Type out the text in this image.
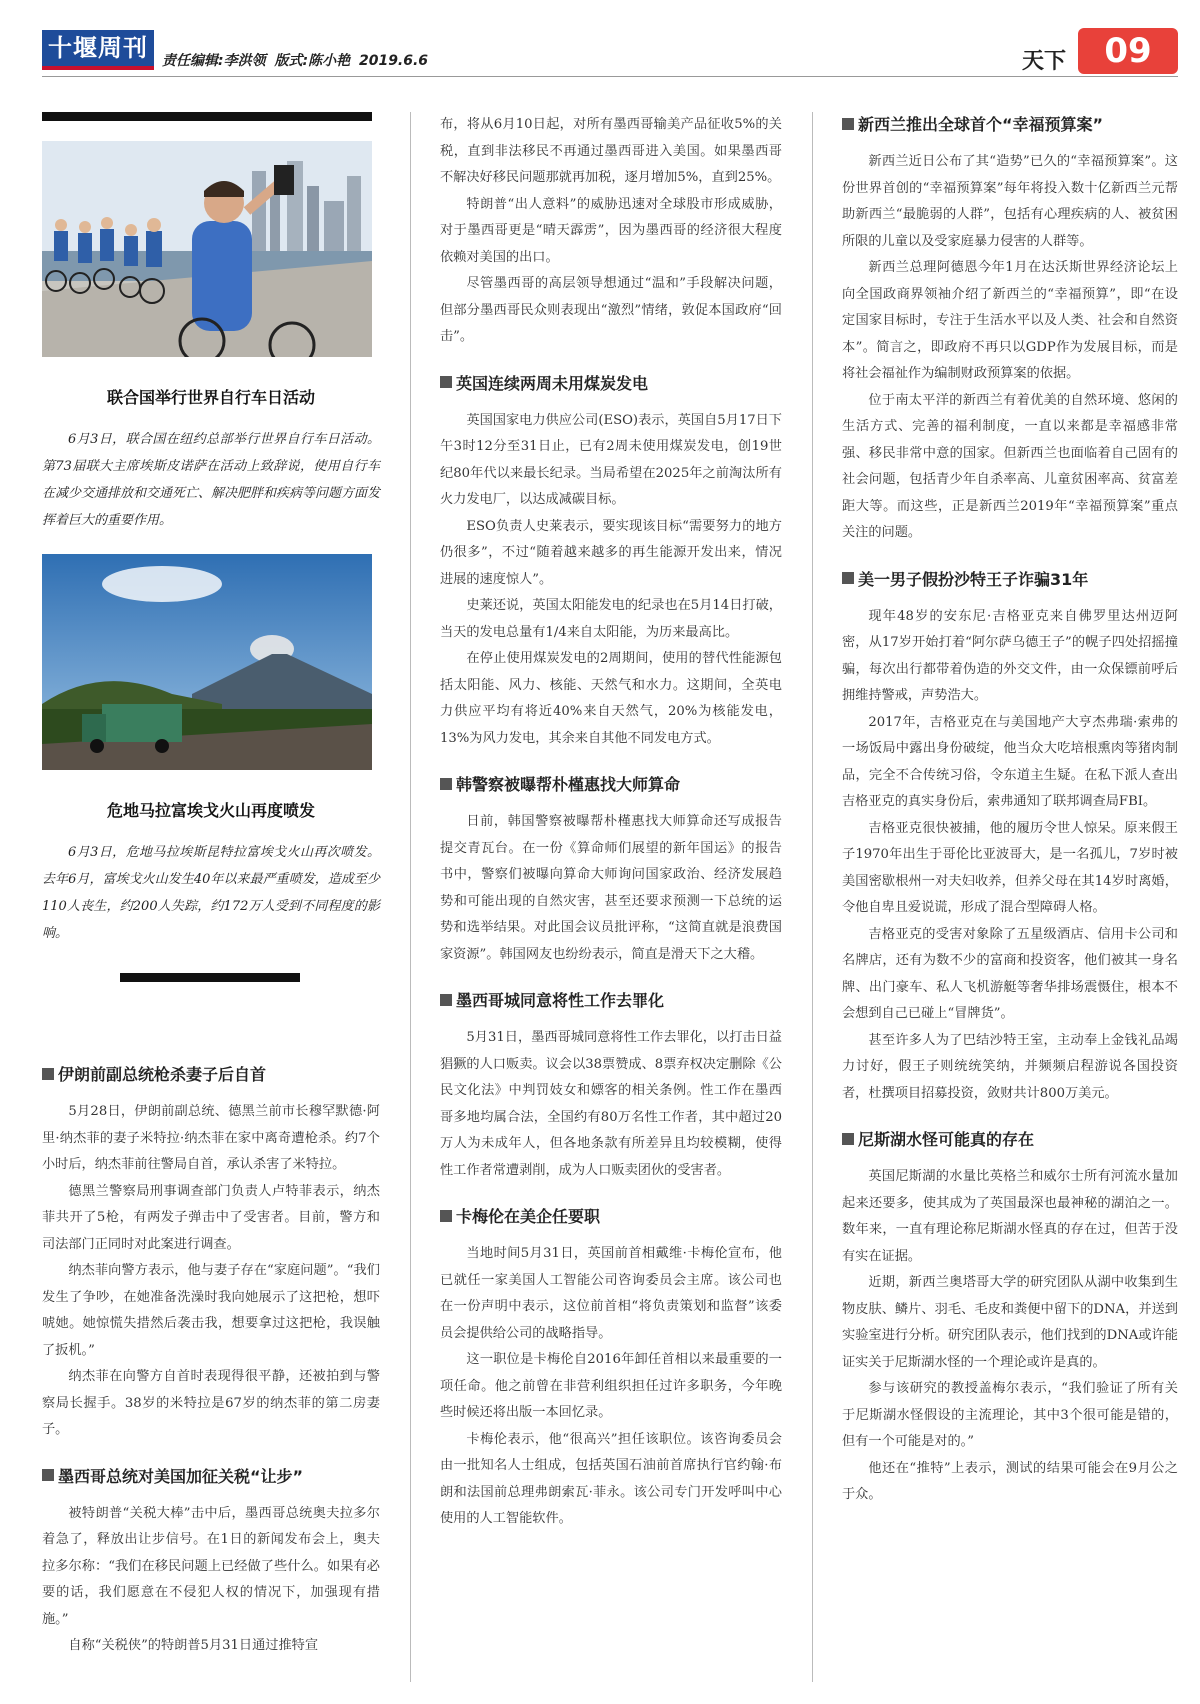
十堰周刊	责任编辑:李洪领 版式:陈小艳 2019.6.6	天下	09
联合国举行世界自行车日活动
6月3日，联合国在纽约总部举行世界自行车日活动。第73届联大主席埃斯皮诺萨在活动上致辞说，使用自行车在减少交通排放和交通死亡、解决肥胖和疾病等问题方面发挥着巨大的重要作用。
危地马拉富埃戈火山再度喷发
6月3日，危地马拉埃斯昆特拉富埃戈火山再次喷发。去年6月，富埃戈火山发生40年以来最严重喷发，造成至少110人丧生，约200人失踪，约172万人受到不同程度的影响。
伊朗前副总统枪杀妻子后自首

5月28日，伊朗前副总统、德黑兰前市长穆罕默德·阿里·纳杰菲的妻子米特拉·纳杰菲在家中离奇遭枪杀。约7个小时后，纳杰菲前往警局自首，承认杀害了米特拉。

德黑兰警察局刑事调查部门负责人卢特菲表示，纳杰菲共开了5枪，有两发子弹击中了受害者。目前，警方和司法部门正同时对此案进行调查。

纳杰菲向警方表示，他与妻子存在“家庭问题”。“我们发生了争吵，在她准备洗澡时我向她展示了这把枪，想吓唬她。她惊慌失措然后袭击我，想要拿过这把枪，我误触了扳机。”

纳杰菲在向警方自首时表现得很平静，还被拍到与警察局长握手。38岁的米特拉是67岁的纳杰菲的第二房妻子。

墨西哥总统对美国加征关税“让步”

被特朗普“关税大棒”击中后，墨西哥总统奥夫拉多尔着急了，释放出让步信号。在1日的新闻发布会上，奥夫拉多尔称：“我们在移民问题上已经做了些什么。如果有必要的话，我们愿意在不侵犯人权的情况下，加强现有措施。”

自称“关税侠”的特朗普5月31日通过推特宣

布，将从6月10日起，对所有墨西哥输美产品征收5%的关税，直到非法移民不再通过墨西哥进入美国。如果墨西哥不解决好移民问题那就再加税，逐月增加5%，直到25%。

特朗普“出人意料”的威胁迅速对全球股市形成威胁，对于墨西哥更是“晴天霹雳”，因为墨西哥的经济很大程度依赖对美国的出口。

尽管墨西哥的高层领导想通过“温和”手段解决问题，但部分墨西哥民众则表现出“激烈”情绪，敦促本国政府“回击”。

英国连续两周未用煤炭发电

英国国家电力供应公司(ESO)表示，英国自5月17日下午3时12分至31日止，已有2周未使用煤炭发电，创19世纪80年代以来最长纪录。当局希望在2025年之前淘汰所有火力发电厂，以达成减碳目标。

ESO负责人史莱表示，要实现该目标“需要努力的地方仍很多”，不过“随着越来越多的再生能源开发出来，情况进展的速度惊人”。

史莱还说，英国太阳能发电的纪录也在5月14日打破，当天的发电总量有1/4来自太阳能，为历来最高比。

在停止使用煤炭发电的2周期间，使用的替代性能源包括太阳能、风力、核能、天然气和水力。这期间，全英电力供应平均有将近40%来自天然气，20%为核能发电，13%为风力发电，其余来自其他不同发电方式。

韩警察被曝帮朴槿惠找大师算命

日前，韩国警察被曝帮朴槿惠找大师算命还写成报告提交青瓦台。在一份《算命师们展望的新年国运》的报告书中，警察们被曝向算命大师询问国家政治、经济发展趋势和可能出现的自然灾害，甚至还要求预测一下总统的运势和选举结果。对此国会议员批评称，“这简直就是浪费国家资源”。韩国网友也纷纷表示，简直是滑天下之大稽。

墨西哥城同意将性工作去罪化

5月31日，墨西哥城同意将性工作去罪化，以打击日益猖獗的人口贩卖。议会以38票赞成、8票弃权决定删除《公民文化法》中判罚妓女和嫖客的相关条例。性工作在墨西哥多地均属合法，全国约有80万名性工作者，其中超过20万人为未成年人，但各地条款有所差异且均较模糊，使得性工作者常遭剥削，成为人口贩卖团伙的受害者。

卡梅伦在美企任要职

当地时间5月31日，英国前首相戴维·卡梅伦宣布，他已就任一家美国人工智能公司咨询委员会主席。该公司也在一份声明中表示，这位前首相“将负责策划和监督”该委员会提供给公司的战略指导。

这一职位是卡梅伦自2016年卸任首相以来最重要的一项任命。他之前曾在非营利组织担任过许多职务，今年晚些时候还将出版一本回忆录。

卡梅伦表示，他“很高兴”担任该职位。该咨询委员会由一批知名人士组成，包括英国石油前首席执行官约翰·布朗和法国前总理弗朗索瓦·菲永。该公司专门开发呼叫中心使用的人工智能软件。

新西兰推出全球首个“幸福预算案”

新西兰近日公布了其“造势”已久的“幸福预算案”。这份世界首创的“幸福预算案”每年将投入数十亿新西兰元帮助新西兰“最脆弱的人群”，包括有心理疾病的人、被贫困所限的儿童以及受家庭暴力侵害的人群等。

新西兰总理阿德恩今年1月在达沃斯世界经济论坛上向全国政商界领袖介绍了新西兰的“幸福预算”，即“在设定国家目标时，专注于生活水平以及人类、社会和自然资本”。简言之，即政府不再只以GDP作为发展目标，而是将社会福祉作为编制财政预算案的依据。

位于南太平洋的新西兰有着优美的自然环境、悠闲的生活方式、完善的福利制度，一直以来都是幸福感非常强、移民非常中意的国家。但新西兰也面临着自己固有的社会问题，包括青少年自杀率高、儿童贫困率高、贫富差距大等。而这些，正是新西兰2019年“幸福预算案”重点关注的问题。

美一男子假扮沙特王子诈骗31年

现年48岁的安东尼·吉格亚克来自佛罗里达州迈阿密，从17岁开始打着“阿尔萨乌德王子”的幌子四处招摇撞骗，每次出行都带着伪造的外交文件，由一众保镖前呼后拥维持警戒，声势浩大。

2017年，吉格亚克在与美国地产大亨杰弗瑞·索弗的一场饭局中露出身份破绽，他当众大吃培根熏肉等猪肉制品，完全不合传统习俗，令东道主生疑。在私下派人查出吉格亚克的真实身份后，索弗通知了联邦调查局FBI。

吉格亚克很快被捕，他的履历令世人惊呆。原来假王子1970年出生于哥伦比亚波哥大，是一名孤儿，7岁时被美国密歇根州一对夫妇收养，但养父母在其14岁时离婚，令他自卑且爱说谎，形成了混合型障碍人格。

吉格亚克的受害对象除了五星级酒店、信用卡公司和名牌店，还有为数不少的富商和投资客，他们被其一身名牌、出门豪车、私人飞机游艇等奢华排场震慑住，根本不会想到自己已碰上“冒牌货”。

甚至许多人为了巴结沙特王室，主动奉上金钱礼品竭力讨好，假王子则统统笑纳，并频频启程游说各国投资者，杜撰项目招募投资，敛财共计800万美元。

尼斯湖水怪可能真的存在

英国尼斯湖的水量比英格兰和威尔士所有河流水量加起来还要多，使其成为了英国最深也最神秘的湖泊之一。数年来，一直有理论称尼斯湖水怪真的存在过，但苦于没有实在证据。

近期，新西兰奥塔哥大学的研究团队从湖中收集到生物皮肤、鳞片、羽毛、毛皮和粪便中留下的DNA，并送到实验室进行分析。研究团队表示，他们找到的DNA或许能证实关于尼斯湖水怪的一个理论或许是真的。

参与该研究的教授盖梅尔表示，“我们验证了所有关于尼斯湖水怪假设的主流理论，其中3个很可能是错的，但有一个可能是对的。”

他还在“推特”上表示，测试的结果可能会在9月公之于众。
